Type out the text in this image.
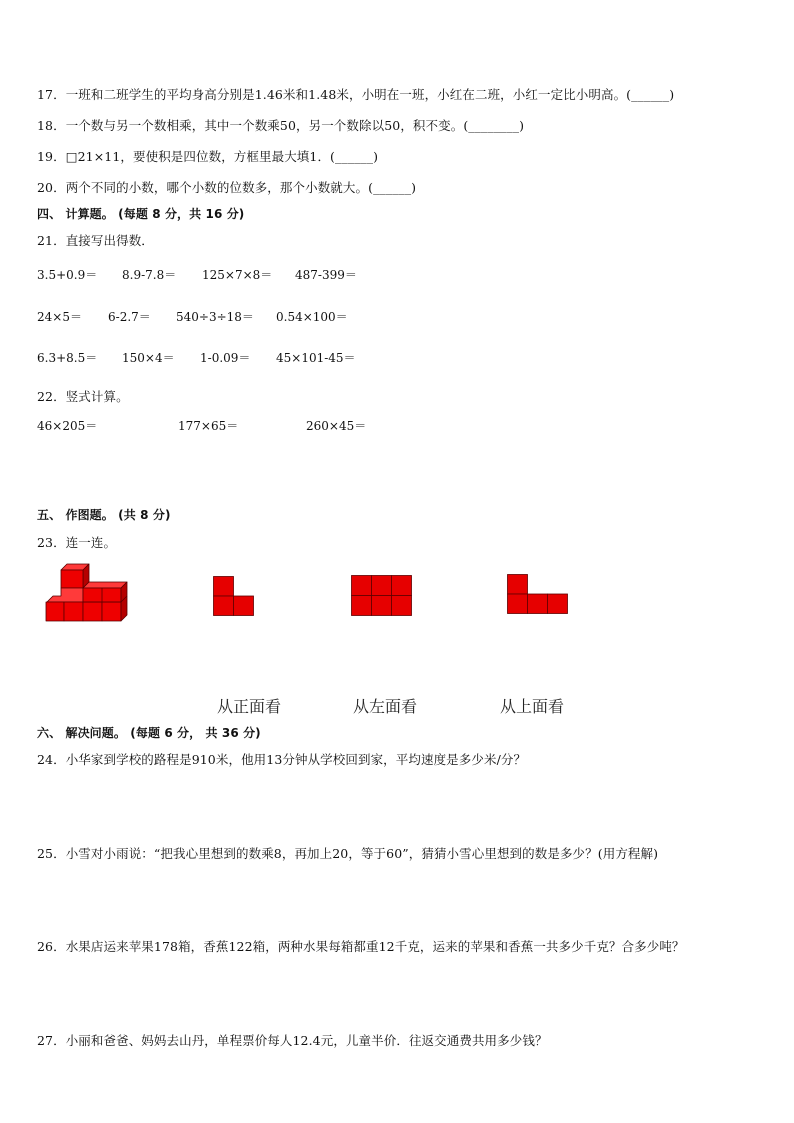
17．一班和二班学生的平均身高分别是1.46米和1.48米，小明在一班，小红在二班，小红一定比小明高。(______)
18．一个数与另一个数相乘，其中一个数乘50，另一个数除以50，积不变。(________)
19．□21×11，要使积是四位数，方框里最大填1．(______)
20．两个不同的小数，哪个小数的位数多，那个小数就大。(______)
四、 计算题。 (每题 8 分，共 16 分)
21．直接写出得数．
3.5+0.9＝ 8.9-7.8＝ 125×7×8＝ 487-399＝
24×5＝ 6-2.7＝ 540÷3÷18＝ 0.54×100＝
6.3+8.5＝ 150×4＝ 1-0.09＝ 45×101-45＝
22．竖式计算。
46×205＝	177×65＝	260×45＝
五、 作图题。 (共 8 分)
23．连一连。
从正面看	从左面看	从上面看
六、 解决问题。 (每题 6 分， 共 36 分)
24．小华家到学校的路程是910米，他用13分钟从学校回到家，平均速度是多少米/分？
25．小雪对小雨说：“把我心里想到的数乘8，再加上20，等于60”，猜猜小雪心里想到的数是多少？(用方程解)
26．水果店运来苹果178箱，香蕉122箱，两种水果每箱都重12千克，运来的苹果和香蕉一共多少千克？合多少吨？
27．小丽和爸爸、妈妈去山丹，单程票价每人12.4元，儿童半价．往返交通费共用多少钱？
